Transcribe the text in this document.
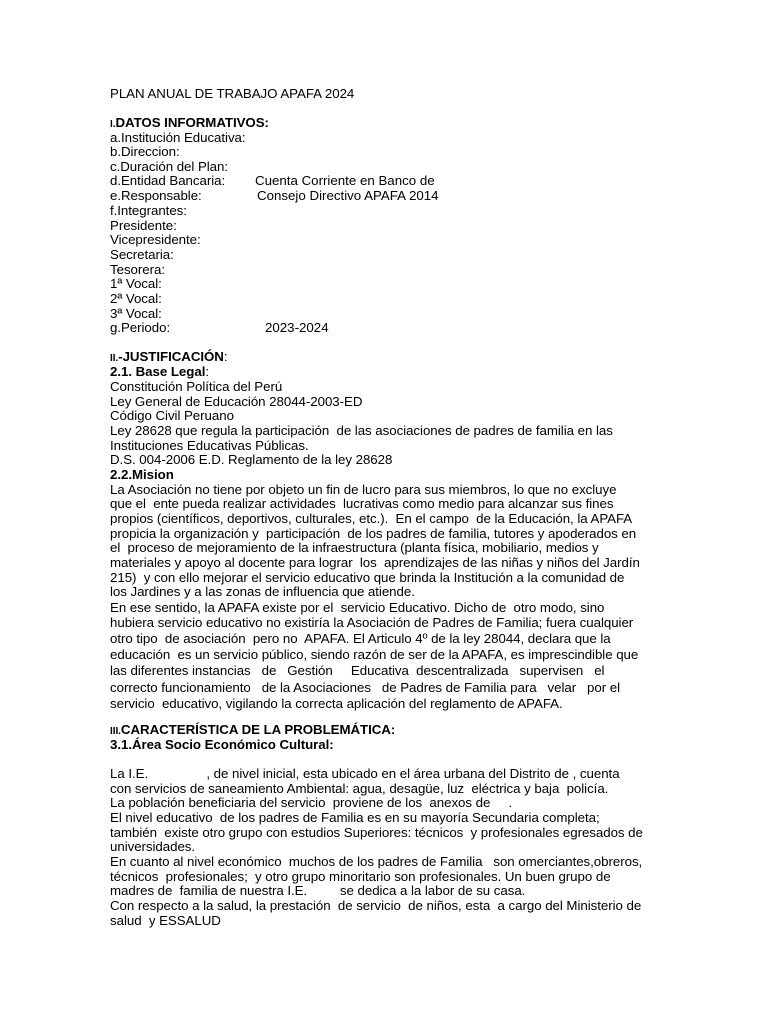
PLAN ANUAL DE TRABAJO APAFA 2024
I.DATOS INFORMATIVOS:
a.Institución Educativa:
b.Direccion:
c.Duración del Plan:
d.Entidad Bancaria: Cuenta Corriente en Banco de
e.Responsable:	Consejo Directivo APAFA 2014
f.Integrantes:
Presidente:
Vicepresidente:
Secretaria:
Tesorera:
1ª Vocal:
2ª Vocal:
3ª Vocal:
g.Periodo:	2023-2024
II.-JUSTIFICACIÓN:
2.1. Base Legal:
Constitución Política del Perú
Ley General de Educación 28044-2003-ED
Código Civil Peruano
Ley 28628 que regula la participación  de las asociaciones de padres de familia en las
Instituciones Educativas Públicas.
D.S. 004-2006 E.D. Reglamento de la ley 28628
2.2.Mision
La Asociación no tiene por objeto un fin de lucro para sus miembros, lo que no excluye
que el  ente pueda realizar actividades  lucrativas como medio para alcanzar sus fines
propios (científicos, deportivos, culturales, etc.).  En el campo  de la Educación, la APAFA
propicia la organización y  participación  de los padres de familia, tutores y apoderados en
el  proceso de mejoramiento de la infraestructura (planta física, mobiliario, medios y
materiales y apoyo al docente para lograr  los  aprendizajes de las niñas y niños del Jardín
215)  y con ello mejorar el servicio educativo que brinda la Institución a la comunidad de
los Jardines y a las zonas de influencia que atiende.
En ese sentido, la APAFA existe por el  servicio Educativo. Dicho de  otro modo, sino
hubiera servicio educativo no existiría la Asociación de Padres de Familia; fuera cualquier
otro tipo  de asociación  pero no  APAFA. El Articulo 4º de la ley 28044, declara que la
educación  es un servicio público, siendo razón de ser de la APAFA, es imprescindible que
las diferentes instancias   de   Gestión     Educativa  descentralizada   supervisen   el
correcto funcionamiento   de la Asociaciones   de Padres de Familia para   velar   por el
servicio  educativo, vigilando la correcta aplicación del reglamento de APAFA.
III.CARACTERÍSTICA DE LA PROBLEMÁTICA:
3.1.Área Socio Económico Cultural:
La I.E.                , de nivel inicial, esta ubicado en el área urbana del Distrito de , cuenta
con servicios de saneamiento Ambiental: agua, desagüe, luz  eléctrica y baja  policía.
La población beneficiaria del servicio  proviene de los  anexos de     .
El nivel educativo  de los padres de Familia es en su mayoría Secundaria completa;
también  existe otro grupo con estudios Superiores: técnicos  y profesionales egresados de
universidades.
En cuanto al nivel económico  muchos de los padres de Familia   son omerciantes,obreros,
técnicos  profesionales;  y otro grupo minoritario son profesionales. Un buen grupo de
madres de  familia de nuestra I.E.         se dedica a la labor de su casa.
Con respecto a la salud, la prestación  de servicio  de niños, esta  a cargo del Ministerio de
salud  y ESSALUD
